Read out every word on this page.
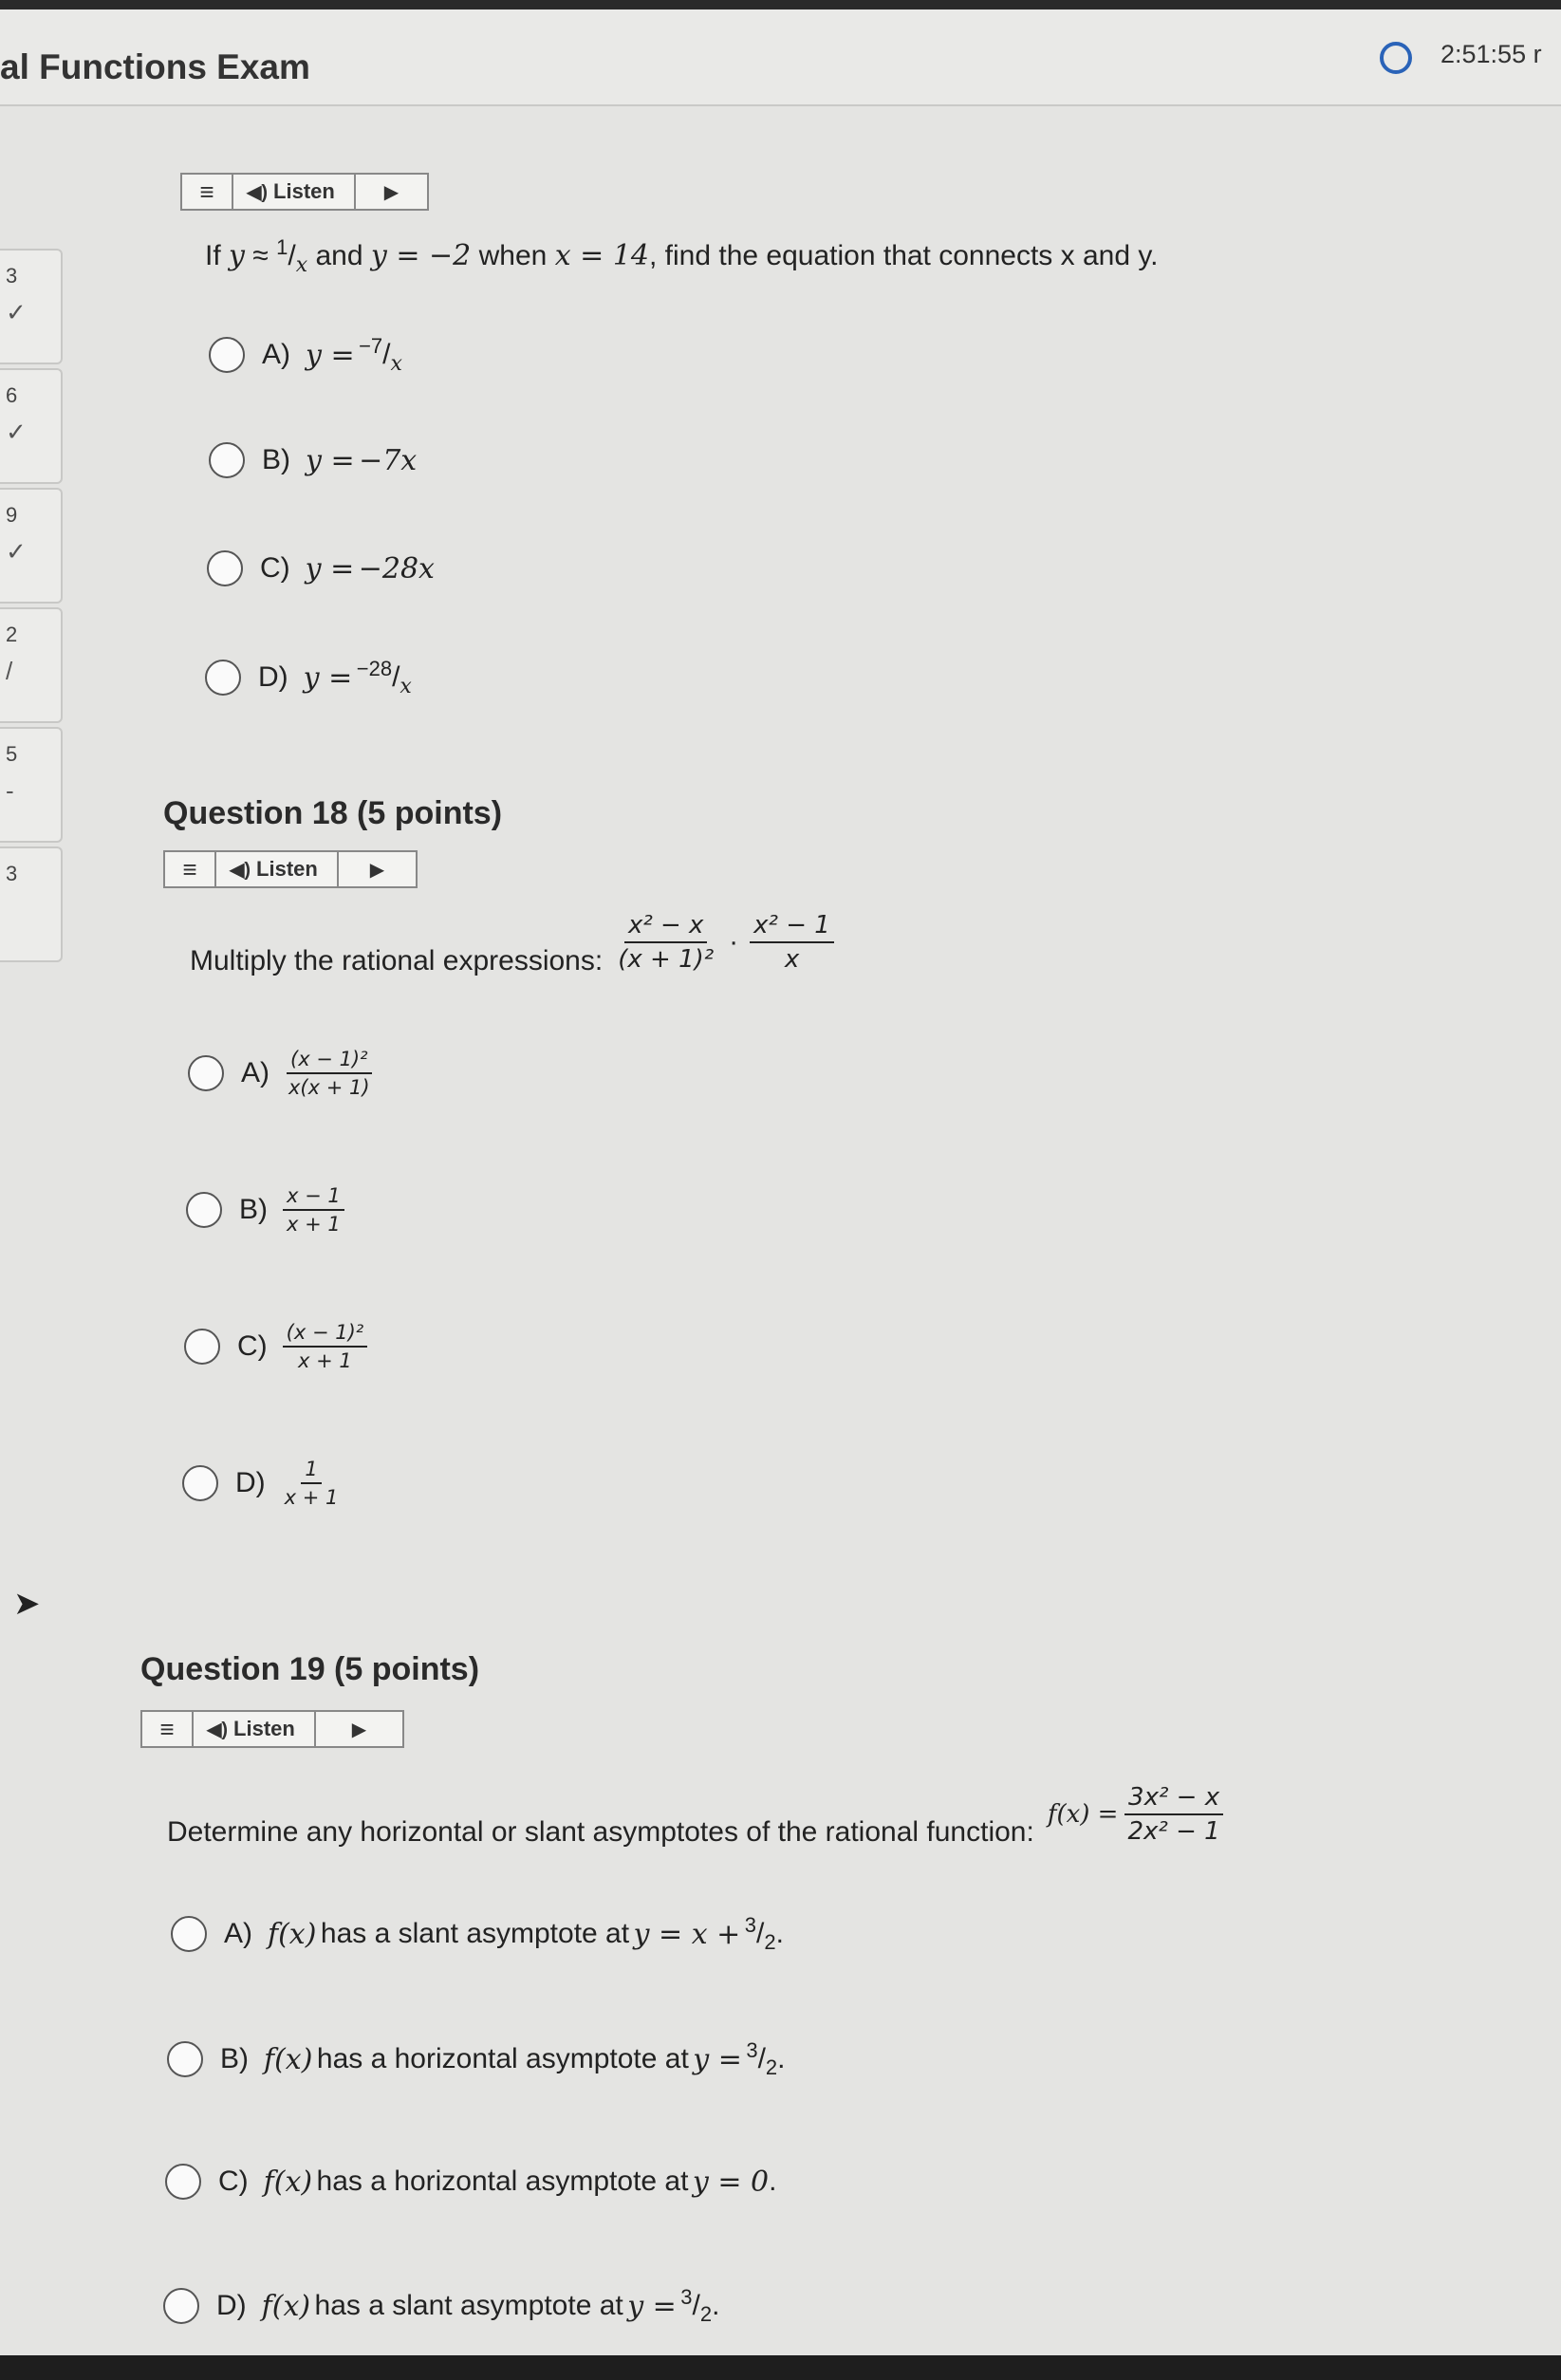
al Functions Exam	2:51:55 r
3
✓
6
✓
9
✓
2
/
5
-
3
≡	◀) Listen	▶
If $y \approx ^1/_x$ and y = −2 when x = 14, find the equation that connects x and y.
A) y =
$^{-7}/_x$
B) y =
−7x
C) y =
−28x
D) y =
$^{-28}/_x$
Question 18 (5 points)
≡	◀) Listen	▶
Multiply the rational expressions: $\frac{\text{x² − x}}{\text{(x + 1)²}} \cdot \frac{\text{x² − 1}}{x}$
$A) \frac{\text{(x − 1)²}}{x(x + 1)}$
$B) \frac{x - 1}{x + 1}$
$C) \frac{\text{(x − 1)²}}{x + 1}$
$D) \frac{1}{x + 1}$
➤
Question 19 (5 points)
≡	◀) Listen	▶
Determine any horizontal or slant asymptotes of the rational function:
$f(x) = \frac{\text{3x² − x}}{\text{2x² − 1}}$
A) f(x)
has a slant asymptote at
y = x +
$^3/_2$.
B) f(x)
has a horizontal asymptote at
y =
$^3/_2$.
C) f(x)
has a horizontal asymptote at
y = 0 .
D) f(x)
has a slant asymptote at
y =
$^3/_2$.
